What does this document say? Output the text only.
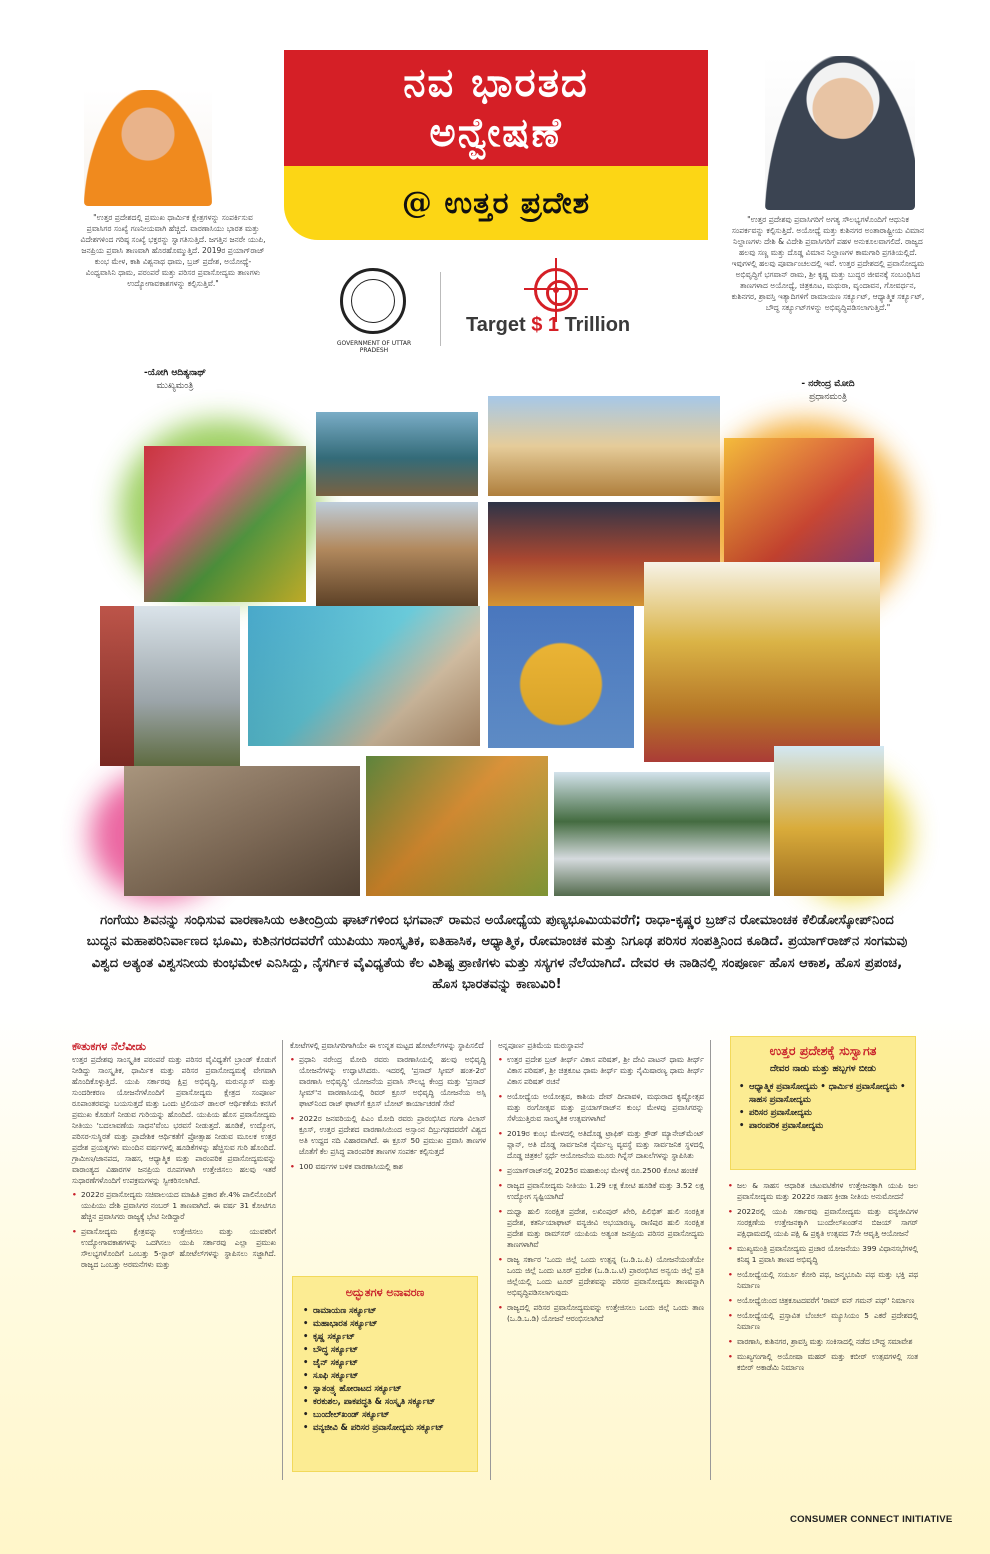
ನವ ಭಾರತದ
ಅನ್ವೇಷಣೆ
@ ಉತ್ತರ ಪ್ರದೇಶ
"ಉತ್ತರ ಪ್ರದೇಶದಲ್ಲಿ ಪ್ರಮುಖ ಧಾರ್ಮಿಕ ಕ್ಷೇತ್ರಗಳನ್ನು ಸಂಪರ್ಕಿಸುವ ಪ್ರವಾಸಿಗರ ಸಂಖ್ಯೆ ಗಣನೀಯವಾಗಿ ಹೆಚ್ಚಿದೆ. ವಾರಣಾಸಿಯು ಭಾರತ ಮತ್ತು ವಿದೇಶಗಳಿಂದ ಗರಿಷ್ಠ ಸಂಖ್ಯೆ ಭಕ್ತರನ್ನು ಸ್ವಾಗತಿಸುತ್ತಿದೆ. ಜಗತ್ತಿನ ಜನರೇ ಯುಪಿ, ಜನಪ್ರಿಯ ಪ್ರವಾಸಿ ತಾಣವಾಗಿ ಹೊರಹೊಮ್ಮುತ್ತಿದೆ. 2019ರ ಪ್ರಯಾಗ್‌ರಾಜ್ ಕುಂಭ ಮೇಳ, ಕಾಶಿ ವಿಶ್ವನಾಥ ಧಾಮ, ಬ್ರಜ್ ಪ್ರದೇಶ, ಅಯೋಧ್ಯೆ-ವಿಂಧ್ಯವಾಸಿನಿ ಧಾಮ, ಪರಂಪರೆ ಮತ್ತು ಪರಿಸರ ಪ್ರವಾಸೋದ್ಯಮ ತಾಣಗಳು ಉದ್ಯೋಗಾವಕಾಶಗಳನ್ನು ಕಲ್ಪಿಸುತ್ತಿವೆ."
-ಯೋಗಿ ಆದಿತ್ಯನಾಥ್
ಮುಖ್ಯಮಂತ್ರಿ
"ಉತ್ತರ ಪ್ರದೇಶವು ಪ್ರವಾಸಿಗರಿಗೆ ಅಗತ್ಯ ಸೌಲಭ್ಯಗಳೊಂದಿಗೆ ಆಧುನಿಕ ಸಂಪರ್ಕವನ್ನು ಕಲ್ಪಿಸುತ್ತಿದೆ. ಅಯೋಧ್ಯೆ ಮತ್ತು ಕುಶಿನಗರ ಅಂತಾರಾಷ್ಟ್ರೀಯ ವಿಮಾನ ನಿಲ್ದಾಣಗಳು ದೇಶಿ & ವಿದೇಶಿ ಪ್ರವಾಸಿಗರಿಗೆ ಪಹಳ ಅನುಕೂಲವಾಗಲಿದೆ. ರಾಜ್ಯದ ಹಲವು ಸಣ್ಣ ಮತ್ತು ದೊಡ್ಡ ವಿಮಾನ ನಿಲ್ದಾಣಗಳ ಕಾಮಗಾರಿ ಪ್ರಗತಿಯಲ್ಲಿದೆ. ಇವುಗಳಲ್ಲಿ ಹಲವು ಪೂರ್ವಾಂಚಲದಲ್ಲಿ ಇವೆ. ಉತ್ತರ ಪ್ರದೇಶದಲ್ಲಿ ಪ್ರವಾಸೋದ್ಯಮ ಅಭಿವೃದ್ಧಿಗೆ ಭಗವಾನ್ ರಾಮ, ಶ್ರೀ ಕೃಷ್ಣ ಮತ್ತು ಬುದ್ಧರ ಜೀವನಕ್ಕೆ ಸಂಬಂಧಿಸಿದ ತಾಣಗಳಾದ ಅಯೋಧ್ಯೆ, ಚಿತ್ರಕೂಟ, ಮಥುರಾ, ವೃಂದಾವನ, ಗೋವರ್ಧನ, ಕುಶಿನಗರ, ಶ್ರಾವಸ್ತಿ ಇತ್ಯಾದಿಗಳಿಗೆ ರಾಮಾಯಣ ಸರ್ಕ್ಯೂಟ್, ಆಧ್ಯಾತ್ಮಿಕ ಸರ್ಕ್ಯೂಟ್, ಬೌದ್ಧ ಸರ್ಕ್ಯೂಟ್‌ಗಳನ್ನು ಅಭಿವೃದ್ಧಿಪಡಿಸಲಾಗುತ್ತಿದೆ."
- ನರೇಂದ್ರ ಮೋದಿ
ಪ್ರಧಾನಮಂತ್ರಿ
GOVERNMENT OF UTTAR PRADESH
Target $ 1 Trillion
ಗಂಗೆಯು ಶಿವನನ್ನು ಸಂಧಿಸುವ ವಾರಣಾಸಿಯ ಅತೀಂದ್ರಿಯ ಘಾಟ್‌ಗಳಿಂದ ಭಗವಾನ್ ರಾಮನ ಅಯೋಧ್ಯೆಯ ಪುಣ್ಯಭೂಮಿಯವರೆಗೆ; ರಾಧಾ-ಕೃಷ್ಣರ ಬ್ರಜ್‌ನ ರೋಮಾಂಚಕ ಕೆಲಿಡೋಸ್ಕೋಪ್‌ನಿಂದ ಬುದ್ಧನ ಮಹಾಪರಿನಿರ್ವಾಣದ ಭೂಮಿ, ಕುಶಿನಗರದವರೆಗೆ ಯುಪಿಯು ಸಾಂಸ್ಕೃತಿಕ, ಐತಿಹಾಸಿಕ, ಆಧ್ಯಾತ್ಮಿಕ, ರೋಮಾಂಚಕ ಮತ್ತು ನಿಗೂಢ ಪರಿಸರ ಸಂಪತ್ತಿನಿಂದ ಕೂಡಿದೆ. ಪ್ರಯಾಗ್‌ರಾಜ್‌ನ ಸಂಗಮವು ವಿಶ್ವದ ಅತ್ಯಂತ ವಿಶ್ವಸನೀಯ ಕುಂಭಮೇಳ ಎನಿಸಿದ್ದು, ನೈಸರ್ಗಿಕ ವೈವಿಧ್ಯತೆಯ ಕೆಲ ವಿಶಿಷ್ಟ ಪ್ರಾಣಿಗಳು ಮತ್ತು ಸಸ್ಯಗಳ ನೆಲೆಯಾಗಿದೆ. ದೇವರ ಈ ನಾಡಿನಲ್ಲಿ ಸಂಪೂರ್ಣ ಹೊಸ ಆಕಾಶ, ಹೊಸ ಪ್ರಪಂಚ, ಹೊಸ ಭಾರತವನ್ನು ಕಾಣುವಿರಿ!
ಕೌತುಕಗಳ ನೆಲೆವೀಡು

ಉತ್ತರ ಪ್ರದೇಶವು ಸಾಂಸ್ಕೃತಿಕ ಪರಂಪರೆ ಮತ್ತು ಪರಿಸರ ವೈವಿಧ್ಯತೆಗೆ ಬ್ರಾಂಡ್ ಕೊಡುಗೆ ನೀಡಿದ್ದು ಸಾಂಸ್ಕೃತಿಕ, ಧಾರ್ಮಿಕ ಮತ್ತು ಪರಿಸರ ಪ್ರವಾಸೋದ್ಯಮಕ್ಕೆ ವೇಗವಾಗಿ ಹೊಂದಿಕೊಳ್ಳುತ್ತಿದೆ. ಯುಪಿ ಸರ್ಕಾರವು ಕ್ಷಿಪ್ರ ಅಭಿವೃದ್ಧಿ, ಮರುನ್ಯೂಸ್ ಮತ್ತು ಸುಂದರೀಕರಣ ಯೋಜನೆಗಳೊಂದಿಗೆ ಪ್ರವಾಸೋದ್ಯಮ ಕ್ಷೇತ್ರದ ಸಂಪೂರ್ಣ ರೂಪಾಂತರವನ್ನು ಬಯಸುತ್ತದೆ ಮತ್ತು ಒಂದು ಟ್ರಿಲಿಯನ್ ಡಾಲರ್ ಆರ್ಥಿಕತೆಯ ಕನಸಿಗೆ ಪ್ರಮುಖ ಕೊಡುಗೆ ನೀಡುವ ಗುರಿಯನ್ನು ಹೊಂದಿದೆ. ಯುಪಿಯ ಹೊಸ ಪ್ರವಾಸೋದ್ಯಮ ನೀತಿಯು 'ಬದಲಾವಣೆಯ ಸಾಧನ'ವೆಂಬ ಭರವಸೆ ನೀಡುತ್ತದೆ. ಹೂಡಿಕೆ, ಉದ್ಯೋಗ, ಪರಿಸರ-ಸುಸ್ಥಿರತೆ ಮತ್ತು ಪ್ರಾದೇಶಿಕ ಆರ್ಥಿಕತೆಗೆ ಪ್ರೋತ್ಸಾಹ ನೀಡುವ ಮೂಲಕ ಉತ್ತರ ಪ್ರದೇಶ ಪ್ರಯತ್ನಗಳು ಮುಂದಿನ ವರ್ಷಗಳಲ್ಲಿ ಹೂಡಿಕೆಗಳನ್ನು ಹೆಚ್ಚಿಸುವ ಗುರಿ ಹೊಂದಿದೆ. ಗ್ರಾಮೀಣ/ಜಾನಪದ, ಸಾಹಸ, ಆಧ್ಯಾತ್ಮಿಕ ಮತ್ತು ಪಾರಂಪರಿಕ ಪ್ರವಾಸೋದ್ಯಮವನ್ನು ವಾರಾಂತ್ಯದ ವಿಹಾರಗಳ ಜನಪ್ರಿಯ ರೂಪಗಳಾಗಿ ಉತ್ತೇಜಿಸಲು ಹಲವು ಇತರೆ ಸುಧಾರಣೆಗಳೊಂದಿಗೆ ಉಪಕ್ರಮಗಳನ್ನು ಸ್ವೀಕರಿಸಲಾಗಿದೆ.

• 2022ರ ಪ್ರವಾಸೋದ್ಯಮ ಸಚಿವಾಲಯದ ಮಾಹಿತಿ ಪ್ರಕಾರ ಶೇ.4% ಪಾಲಿನೊಂದಿಗೆ ಯುಪಿಯು ದೇಶಿ ಪ್ರವಾಸಿಗರ ನಂಬರ್ 1 ತಾಣವಾಗಿದೆ. ಈ ವರ್ಷ 31 ಕೋಟಿಗೂ ಹೆಚ್ಚಿನ ಪ್ರವಾಸಿಗರು ರಾಜ್ಯಕ್ಕೆ ಭೇಟಿ ನೀಡಿದ್ದಾರೆ
• ಪ್ರವಾಸೋದ್ಯಮ ಕ್ಷೇತ್ರವನ್ನು ಉತ್ತೇಜಿಸಲು ಮತ್ತು ಯುವಕರಿಗೆ ಉದ್ಯೋಗಾವಕಾಶಗಳನ್ನು ಒದಗಿಸಲು ಯುಪಿ ಸರ್ಕಾರವು ಎಲ್ಲಾ ಪ್ರಮುಖ ಸೌಲಭ್ಯಗಳೊಂದಿಗೆ ಒಂಬತ್ತು 5-ಸ್ಟಾರ್ ಹೋಟೆಲ್‌ಗಳನ್ನು ಸ್ಥಾಪಿಸಲು ಸಜ್ಜಾಗಿದೆ. ರಾಜ್ಯದ ಒಂಬತ್ತು ಅರಮನೆಗಳು ಮತ್ತು

ಕೋಟೆಗಳಲ್ಲಿ ಪ್ರವಾಸಿಗರಿಗಾಗಿಯೇ ಈ ಉನ್ನತ ಮಟ್ಟದ ಹೋಟೆಲ್‌ಗಳನ್ನು ಸ್ಥಾಪಿಸಲಿದೆ

• ಪ್ರಧಾನಿ ನರೇಂದ್ರ ಮೋದಿ ರವರು ವಾರಣಾಸಿಯಲ್ಲಿ ಹಲವು ಅಭಿವೃದ್ಧಿ ಯೋಜನೆಗಳನ್ನು ಉದ್ಘಾಟಿಸಿದರು. ಇದರಲ್ಲಿ 'ಪ್ರಸಾದ್ ಸ್ಕೀಮ್ ಹಂತ-2ರ' ವಾರಣಾಸಿ ಅಭಿವೃದ್ಧಿ' ಯೋಜನೆಯ ಪ್ರವಾಸಿ ಸೌಲಭ್ಯ ಕೇಂದ್ರ ಮತ್ತು 'ಪ್ರಸಾದ್ ಸ್ಕೀಮ್'ನ ವಾರಣಾಸಿಯಲ್ಲಿ ರಿವರ್ ಕ್ರೂಸ್ ಅಭಿವೃದ್ಧಿ ಯೋಜನೆಯ ಅಸ್ಸಿ ಘಾಟ್‌ನಿಂದ ರಾಜ್ ಘಾಟ್‌ಗೆ ಕ್ರೂಸ್ ಬೋಟ್ ಕಾರ್ಯಾಚರಣೆ ಸೇವೆ
• 2022ರ ಜನವರಿಯಲ್ಲಿ ಪಿಎಂ ಮೋದಿ ರವರು ಪ್ರಾರಂಭಿಸಿದ ಗಂಗಾ ವಿಲಾಸ್ ಕ್ರೂಸ್, ಉತ್ತರ ಪ್ರದೇಶದ ವಾರಣಾಸಿಯಿಂದ ಅಸ್ಸಾಂನ ದಿಬ್ರುಗಢದವರೆಗೆ ವಿಶ್ವದ ಅತಿ ಉದ್ದದ ನದಿ ವಿಹಾರವಾಗಿದೆ. ಈ ಕ್ರೂಸ್ 50 ಪ್ರಮುಖ ಪ್ರವಾಸಿ ತಾಣಗಳ ಜೊತೆಗೆ ಕೆಲ ಪ್ರಸಿದ್ಧ ಪಾರಂಪರಿಕ ತಾಣಗಳ ಸಂಪರ್ಕ ಕಲ್ಪಿಸುತ್ತದೆ
• 100 ವರ್ಷಗಳ ಬಳಿಕ ವಾರಣಾಸಿಯಲ್ಲಿ ಕಾಶ
ಅದ್ಭುತಗಳ ಅನಾವರಣ
• ರಾಮಾಯಣ ಸರ್ಕ್ಯೂಟ್
• ಮಹಾಭಾರತ ಸರ್ಕ್ಯೂಟ್
• ಕೃಷ್ಣ ಸರ್ಕ್ಯೂಟ್
• ಬೌದ್ಧ ಸರ್ಕ್ಯೂಟ್
• ಜೈನ್ ಸರ್ಕ್ಯೂಟ್
• ಸೂಫಿ ಸರ್ಕ್ಯೂಟ್
• ಸ್ವಾತಂತ್ರ್ಯ ಹೋರಾಟದ ಸರ್ಕ್ಯೂಟ್
• ಕರಕುಶಲ, ಪಾಕಪದ್ಧತಿ & ಸಂಸ್ಕೃತಿ ಸರ್ಕ್ಯೂಟ್
• ಬುಂದೇಲ್‌ಖಂಡ್ ಸರ್ಕ್ಯೂಟ್
• ವನ್ಯಜೀವಿ & ಪರಿಸರ ಪ್ರವಾಸೋದ್ಯಮ ಸರ್ಕ್ಯೂಟ್

ಅನ್ನಪೂರ್ಣ ಪ್ರತಿಮೆಯ ಮರುಸ್ಥಾಪನೆ

• ಉತ್ತರ ಪ್ರದೇಶ ಬ್ರಜ್ ತೀರ್ಥ್ ವಿಕಾಸ ಪರಿಷತ್, ಶ್ರೀ ದೇವಿ ಪಾಟನ್ ಧಾಮ ತೀರ್ಥ್ ವಿಕಾಸ ಪರಿಷತ್, ಶ್ರೀ ಚಿತ್ರಕೂಟ ಧಾಮ ತೀರ್ಥ್ ಮತ್ತು ನೈಮಿಷಾರಣ್ಯ ಧಾಮ ತೀರ್ಥ್ ವಿಕಾಸ ಪರಿಷತ್ ರಚನೆ
• ಅಯೋಧ್ಯೆಯ ಅಯೋತ್ಸವ, ಕಾಶಿಯ ದೇವ್ ದೀಪಾವಳಿ, ಮಥುರಾದ ಕೃಷ್ಣೋತ್ಸವ ಮತ್ತು ರಂಗೋತ್ಸವ ಮತ್ತು ಪ್ರಯಾಗ್‌ರಾಜ್‌ನ ಕುಂಭ ಮೇಳವು ಪ್ರವಾಸಿಗರನ್ನು ಸೆಳೆಯುತ್ತಿರುವ ಸಾಂಸ್ಕೃತಿಕ ಉತ್ಸವಗಳಾಗಿವೆ
• 2019ರ ಕುಂಭ ಮೇಳದಲ್ಲಿ ಅತಿದೊಡ್ಡ ಟ್ರಾಫಿಕ್ ಮತ್ತು ಕ್ರೌಡ್ ಮ್ಯಾನೇಜ್‌ಮೆಂಟ್ ಪ್ಲಾನ್, ಅತಿ ದೊಡ್ಡ ಸಾರ್ವಜನಿಕ ನೈರ್ಮಲ್ಯ ವ್ಯವಸ್ಥೆ ಮತ್ತು ಸಾರ್ವಜನಿಕ ಸ್ಥಳದಲ್ಲಿ ದೊಡ್ಡ ಚಿತ್ರಕಲೆ ಸ್ಪರ್ಧೆ ಆಯೋಜನೆಯ ಮೂರು ಗಿನ್ನೆಸ್ ದಾಖಲೆಗಳನ್ನು ಸ್ಥಾಪಿಸಿತು
• ಪ್ರಯಾಗ್‌ರಾಜ್‌ನಲ್ಲಿ 2025ರ ಮಹಾಕುಂಭ ಮೇಳಕ್ಕೆ ರೂ.2500 ಕೋಟಿ ಹಂಚಿಕೆ
• ರಾಜ್ಯದ ಪ್ರವಾಸೋದ್ಯಮ ನೀತಿಯು 1.29 ಲಕ್ಷ ಕೋಟಿ ಹೂಡಿಕೆ ಮತ್ತು 3.52 ಲಕ್ಷ ಉದ್ಯೋಗ ಸೃಷ್ಟಿಯಾಗಿದೆ
• ದುಧ್ವಾ ಹುಲಿ ಸಂರಕ್ಷಿತ ಪ್ರದೇಶ, ಲಖಿಂಪುರ್ ಖೇರಿ, ಪಿಲಿಭಿತ್ ಹುಲಿ ಸಂರಕ್ಷಿತ ಪ್ರದೇಶ, ಕತರ್ನಿಯಾಘಾಟ್ ವನ್ಯಜೀವಿ ಅಭಯಾರಣ್ಯ, ರಾಣಿಪುರ ಹುಲಿ ಸಂರಕ್ಷಿತ ಪ್ರದೇಶ ಮತ್ತು ರಾಮ್‌ಸರ್ ಯುಪಿಯ ಅತ್ಯಂತ ಜನಪ್ರಿಯ ಪರಿಸರ ಪ್ರವಾಸೋದ್ಯಮ ತಾಣಗಳಾಗಿವೆ
• ರಾಜ್ಯ ಸರ್ಕಾರ 'ಒಂದು ಜಿಲ್ಲೆ ಒಂದು ಉತ್ಪನ್ನ (ಒ.ಡಿ.ಒ.ಪಿ) ಯೋಜನೆಯಂತೆಯೇ ಒಂದು ಜಿಲ್ಲೆ ಒಂದು ಟೂರ್ ಪ್ರದೇಶ (ಒ.ಡಿ.ಒ.ಟಿ) ಪ್ರಾರಂಭಿಸಿದ ಅನ್ವಯ ಜಿಲ್ಲೆ ಪ್ರತಿ ಜಿಲ್ಲೆಯಲ್ಲಿ ಒಂದು ಟೂರ್ ಪ್ರದೇಶವನ್ನು ಪರಿಸರ ಪ್ರವಾಸೋದ್ಯಮ ತಾಣವನ್ನಾಗಿ ಅಭಿವೃದ್ಧಿಪಡಿಸಲಾಗುವುದು
• ರಾಜ್ಯದಲ್ಲಿ ಪರಿಸರ ಪ್ರವಾಸೋದ್ಯಮವನ್ನು ಉತ್ತೇಜಿಸಲು ಒಂದು ಜಿಲ್ಲೆ ಒಂದು ತಾಣ (ಒ.ಡಿ.ಒ.ಡಿ) ಯೋಜನೆ ಆರಂಭಿಸಲಾಗಿದೆ
ಉತ್ತರ ಪ್ರದೇಶಕ್ಕೆ ಸುಸ್ವಾಗತ
ದೇವರ ನಾಡು ಮತ್ತು ಹಬ್ಬಗಳ ಬೀಡು
• ಆಧ್ಯಾತ್ಮಿಕ ಪ್ರವಾಸೋದ್ಯಮ • ಧಾರ್ಮಿಕ ಪ್ರವಾಸೋದ್ಯಮ • ಸಾಹಸ ಪ್ರವಾಸೋದ್ಯಮ
• ಪರಿಸರ ಪ್ರವಾಸೋದ್ಯಮ
• ಪಾರಂಪರಿಕ ಪ್ರವಾಸೋದ್ಯಮ
• ಜಲ & ಸಾಹಸ ಆಧಾರಿತ ಚಟುವಟಿಕೆಗಳ ಉತ್ತೇಜನಕ್ಕಾಗಿ ಯುಪಿ ಜಲ ಪ್ರವಾಸೋದ್ಯಮ ಮತ್ತು 2022ರ ಸಾಹಸ ಕ್ರೀಡಾ ನೀತಿಯ ಅನುಮೋದನೆ
• 2022ರಲ್ಲಿ ಯುಪಿ ಸರ್ಕಾರವು ಪ್ರವಾಸೋದ್ಯಮ ಮತ್ತು ವನ್ಯಜೀವಿಗಳ ಸಂರಕ್ಷಣೆಯ ಉತ್ತೇಜನಕ್ಕಾಗಿ ಬುಂದೇಲ್‌ಖಂಡ್‌ನ ಬಿಜಯ್ ಸಾಗರ್ ಪಕ್ಷಿಧಾಮದಲ್ಲಿ ಯುಪಿ ಪಕ್ಷಿ & ಪ್ರಕೃತಿ ಉತ್ಸವದ 7ನೇ ಆವೃತ್ತಿ ಆಯೋಜನೆ
• ಮುಖ್ಯಮಂತ್ರಿ ಪ್ರವಾಸೋದ್ಯಮ ಪ್ರಚಾರ ಯೋಜನೆಯು 399 ವಿಧಾನಸಭೆಗಳಲ್ಲಿ ಕನಿಷ್ಠ 1 ಪ್ರವಾಸಿ ತಾಣದ ಅಭಿವೃದ್ಧಿ
• ಅಯೋಧ್ಯೆಯಲ್ಲಿ ಸರ್ಯೂ ಕೋರಿ ಪಥ, ಜನ್ಮಭೂಮಿ ಪಥ ಮತ್ತು ಭಕ್ತಿ ಪಥ ನಿರ್ಮಾಣ
• ಅಯೋಧ್ಯೆಯಿಂದ ಚಿತ್ರಕೂಟದವರೆಗೆ 'ರಾಮ್ ವನ್ ಗಮನ್ ಪಥ್' ನಿರ್ಮಾಣ
• ಅಯೋಧ್ಯೆಯಲ್ಲಿ ಪ್ರಸ್ತಾವಿತ ಬೆಂಚಲ್ ಮ್ಯೂಸಿಯಂ 5 ಎಕರೆ ಪ್ರದೇಶದಲ್ಲಿ ನಿರ್ಮಾಣ
• ವಾರಣಾಸಿ, ಕುಶಿನಗರ, ಶ್ರಾವಸ್ತಿ ಮತ್ತು ಸಂಕಿಸಾದಲ್ಲಿ ನಡೆದ ಬೌದ್ಧ ಸಮಾವೇಶ
• ಮುಖ್ಯಗಂಗಾಲ್ಲಿ ಅಯೋಷಾ ಮಹರ್ ಮತ್ತು ಕಬೀರ್ ಉತ್ಸವಗಳಲ್ಲಿ ಸಂತ ಕಬೀರ್ ಅಕಾಡೆಮಿ ನಿರ್ಮಾಣ
CONSUMER CONNECT INITIATIVE
